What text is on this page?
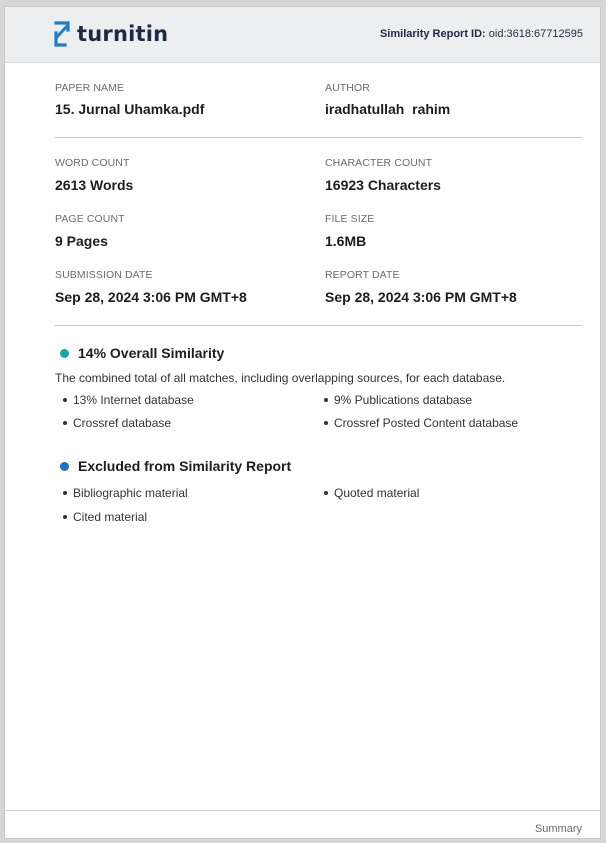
turnitin	Similarity Report ID: oid:3618:67712595
PAPER NAME
15. Jurnal Uhamka.pdf
AUTHOR
iradhatullah  rahim
WORD COUNT
2613 Words
CHARACTER COUNT
16923 Characters
PAGE COUNT
9 Pages
FILE SIZE
1.6MB
SUBMISSION DATE
Sep 28, 2024 3:06 PM GMT+8
REPORT DATE
Sep 28, 2024 3:06 PM GMT+8
14% Overall Similarity
The combined total of all matches, including overlapping sources, for each database.
13% Internet database	9% Publications database
Crossref database	Crossref Posted Content database
Excluded from Similarity Report
Bibliographic material	Quoted material
Cited material
Summary
